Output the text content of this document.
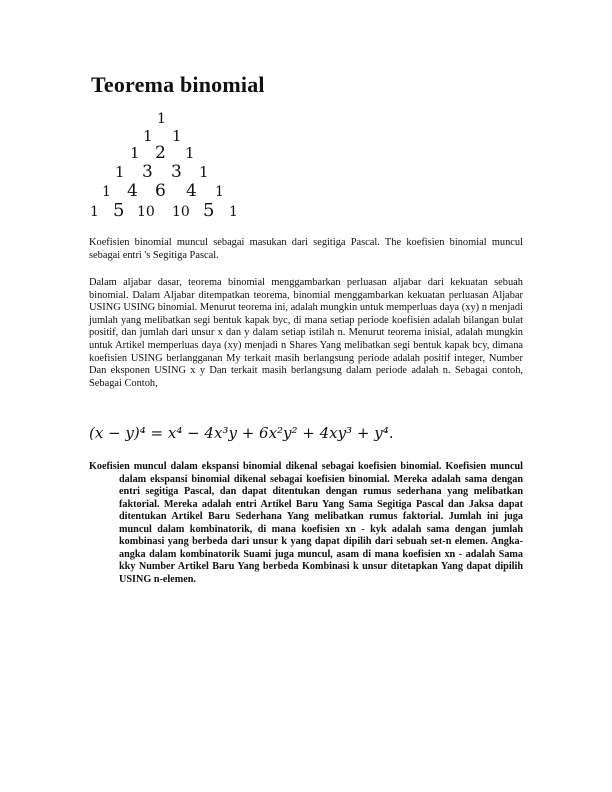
Teorema binomial
1
1 1
1 2 1
1 3 3 1
1 4 6 4 1
1 5 10 10 5 1

Koefisien binomial muncul sebagai masukan dari segitiga Pascal. The koefisien binomial muncul sebagai entri 's Segitiga Pascal.

Dalam aljabar dasar, teorema binomial menggambarkan perluasan aljabar dari kekuatan sebuah binomial. Dalam Aljabar ditempatkan teorema, binomial menggambarkan kekuatan perluasan Aljabar USING USING binomial. Menurut teorema ini, adalah mungkin untuk memperluas daya (xy) n menjadi jumlah yang melibatkan segi bentuk kapak byc, di mana setiap periode koefisien adalah bilangan bulat positif, dan jumlah dari unsur x dan y dalam setiap istilah n. Menurut teorema inisial, adalah mungkin untuk Artikel memperluas daya (xy) menjadi n Shares Yang melibatkan segi bentuk kapak bcy, dimana koefisien USING berlangganan My terkait masih berlangsung periode adalah positif integer, Number Dan eksponen USING x y Dan terkait masih berlangsung dalam periode adalah n. Sebagai contoh, Sebagai Contoh,

(x − y)⁴ = x⁴ − 4x³y + 6x²y² + 4xy³ + y⁴.

Koefisien muncul dalam ekspansi binomial dikenal sebagai koefisien binomial. Koefisien muncul dalam ekspansi binomial dikenal sebagai koefisien binomial. Mereka adalah sama dengan entri segitiga Pascal, dan dapat ditentukan dengan rumus sederhana yang melibatkan faktorial. Mereka adalah entri Artikel Baru Yang Sama Segitiga Pascal dan Jaksa dapat ditentukan Artikel Baru Sederhana Yang melibatkan rumus faktorial. Jumlah ini juga muncul dalam kombinatorik, di mana koefisien xn - kyk adalah sama dengan jumlah kombinasi yang berbeda dari unsur k yang dapat dipilih dari sebuah set-n elemen. Angka-angka dalam kombinatorik Suami juga muncul, asam di mana koefisien xn - adalah Sama kky Number Artikel Baru Yang berbeda Kombinasi k unsur ditetapkan Yang dapat dipilih USING n-elemen.
